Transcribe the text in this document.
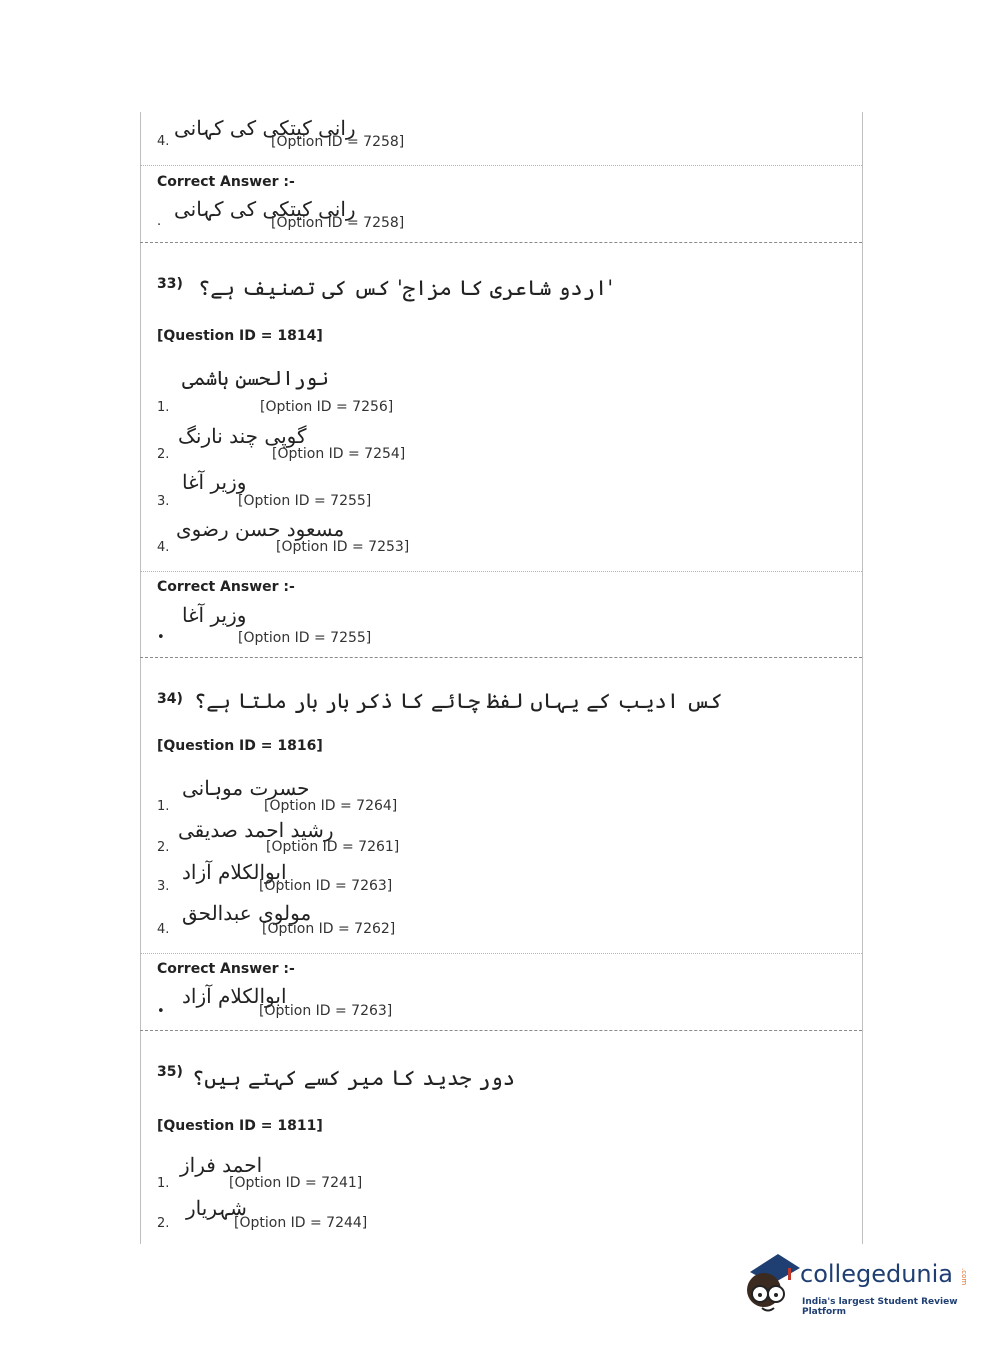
4.
رانی کیتکی کی کہانی
[Option ID = 7258]
Correct Answer :-
.
رانی کیتکی کی کہانی
[Option ID = 7258]
33) 'اردو شاعری کا مزاج' کس کی تصنیف ہے؟
[Question ID = 1814]
1.
نورالحسن ہاشمی
[Option ID = 7256]
2.
گوپی چند نارنگ
[Option ID = 7254]
3.
وزیر آغا
[Option ID = 7255]
4.
مسعود حسن رضوی
[Option ID = 7253]
Correct Answer :-
وزیر آغا
•	[Option ID = 7255]
34) کس ادیب کے یہاں لفظ چائے کا ذکر بار بار ملتا ہے؟
[Question ID = 1816]
1.
حسرت موہانی
[Option ID = 7264]
2.
رشید احمد صدیقی
[Option ID = 7261]
3.
ابوالکلام آزاد
[Option ID = 7263]
4.
مولوی عبدالحق
[Option ID = 7262]
Correct Answer :-
ابوالکلام آزاد
•	[Option ID = 7263]
35) دور جدید کا میر کسے کہتے ہیں؟
[Question ID = 1811]
1.
احمد فراز
[Option ID = 7241]
2.
شہریار
[Option ID = 7244]
collegedunia .com
India's largest Student Review Platform
